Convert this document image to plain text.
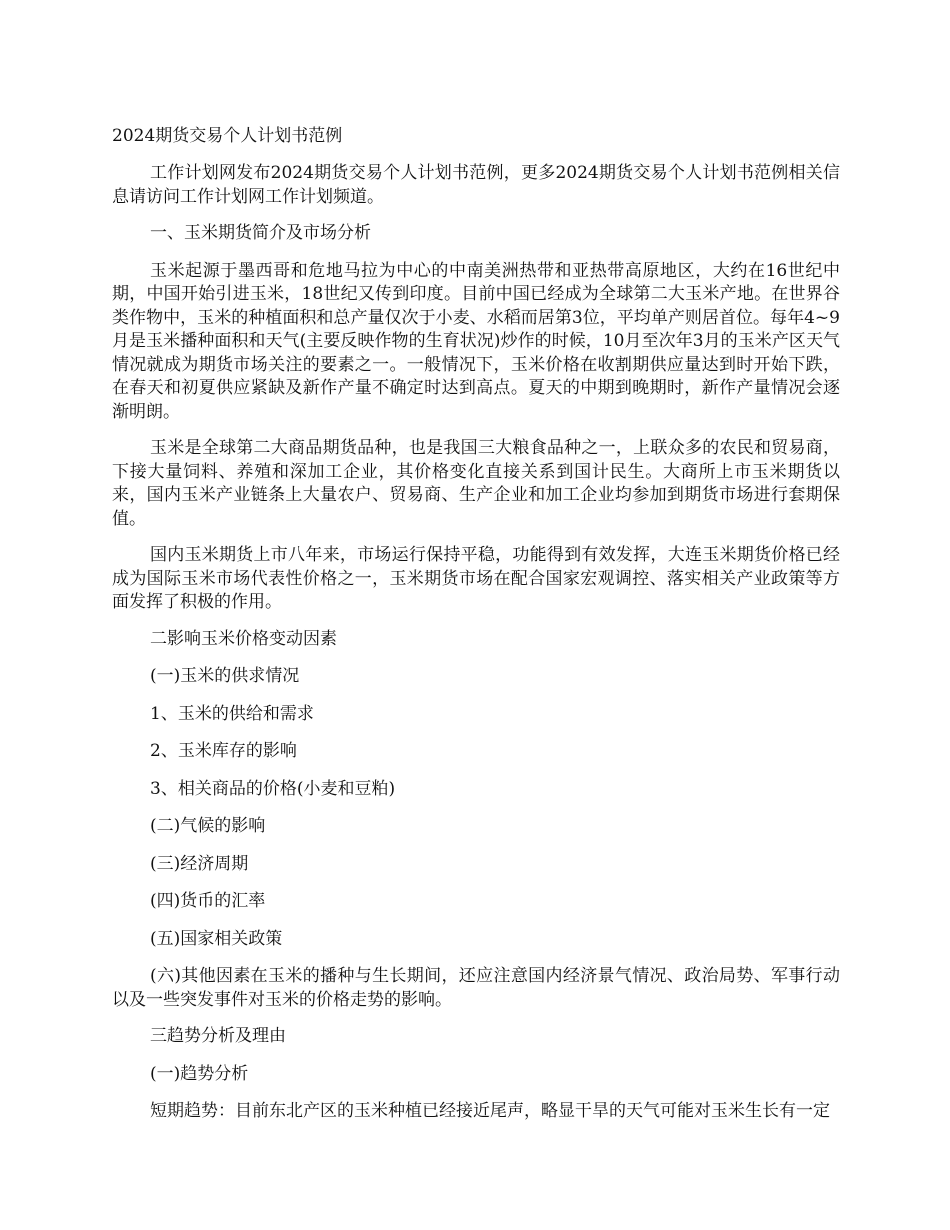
2024期货交易个人计划书范例

工作计划网发布2024期货交易个人计划书范例，更多2024期货交易个人计划书范例相关信息请访问工作计划网工作计划频道。

一、玉米期货简介及市场分析

玉米起源于墨西哥和危地马拉为中心的中南美洲热带和亚热带高原地区，大约在16世纪中期，中国开始引进玉米，18世纪又传到印度。目前中国已经成为全球第二大玉米产地。在世界谷类作物中，玉米的种植面积和总产量仅次于小麦、水稻而居第3位，平均单产则居首位。每年4~9月是玉米播种面积和天气(主要反映作物的生育状况)炒作的时候，10月至次年3月的玉米产区天气情况就成为期货市场关注的要素之一。一般情况下，玉米价格在收割期供应量达到时开始下跌，在春天和初夏供应紧缺及新作产量不确定时达到高点。夏天的中期到晚期时，新作产量情况会逐渐明朗。

玉米是全球第二大商品期货品种，也是我国三大粮食品种之一，上联众多的农民和贸易商，下接大量饲料、养殖和深加工企业，其价格变化直接关系到国计民生。大商所上市玉米期货以来，国内玉米产业链条上大量农户、贸易商、生产企业和加工企业均参加到期货市场进行套期保值。

国内玉米期货上市八年来，市场运行保持平稳，功能得到有效发挥，大连玉米期货价格已经成为国际玉米市场代表性价格之一，玉米期货市场在配合国家宏观调控、落实相关产业政策等方面发挥了积极的作用。

二影响玉米价格变动因素

(一)玉米的供求情况

1、玉米的供给和需求

2、玉米库存的影响

3、相关商品的价格(小麦和豆粕)

(二)气候的影响

(三)经济周期

(四)货币的汇率

(五)国家相关政策

(六)其他因素在玉米的播种与生长期间，还应注意国内经济景气情况、政治局势、军事行动以及一些突发事件对玉米的价格走势的影响。

三趋势分析及理由

(一)趋势分析

短期趋势：目前东北产区的玉米种植已经接近尾声，略显干旱的天气可能对玉米生长有一定
